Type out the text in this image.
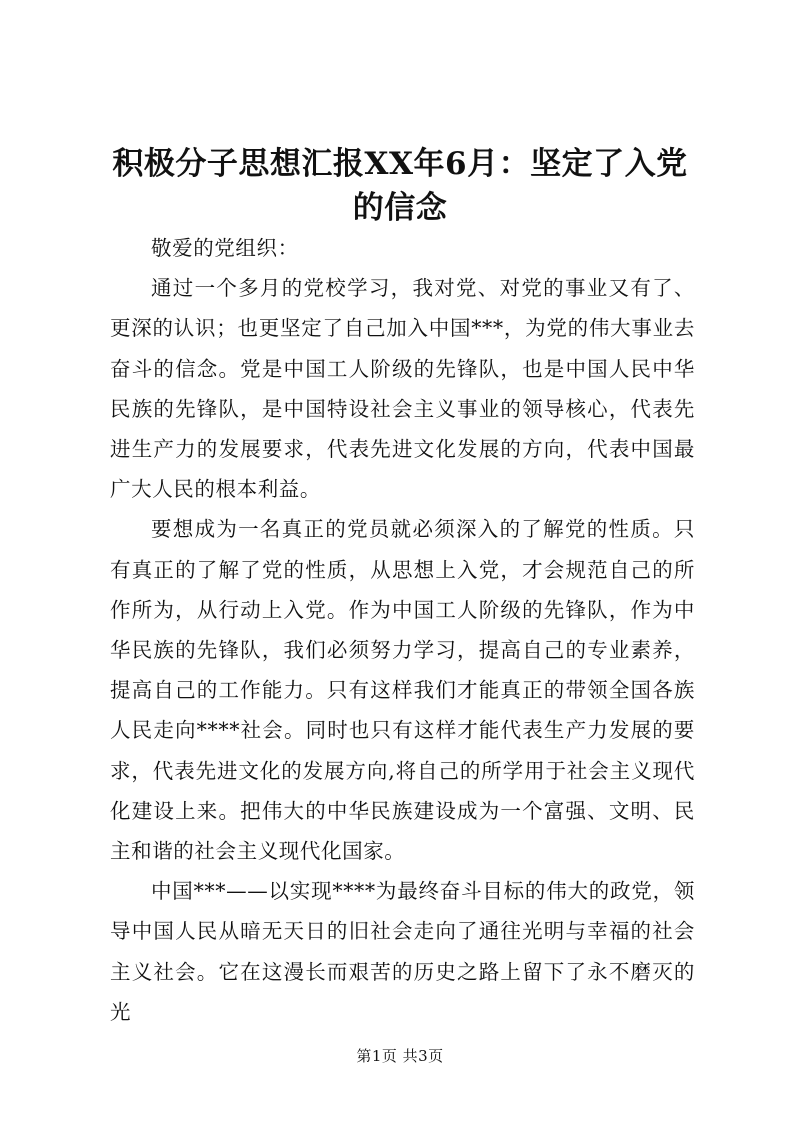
积极分子思想汇报XX年6月：坚定了入党的信念

敬爱的党组织：

通过一个多月的党校学习，我对党、对党的事业又有了、更深的认识；也更坚定了自己加入中国***，为党的伟大事业去奋斗的信念。党是中国工人阶级的先锋队，也是中国人民中华民族的先锋队，是中国特设社会主义事业的领导核心，代表先进生产力的发展要求，代表先进文化发展的方向，代表中国最广大人民的根本利益。

要想成为一名真正的党员就必须深入的了解党的性质。只有真正的了解了党的性质，从思想上入党，才会规范自己的所作所为，从行动上入党。作为中国工人阶级的先锋队，作为中华民族的先锋队，我们必须努力学习，提高自己的专业素养，提高自己的工作能力。只有这样我们才能真正的带领全国各族人民走向****社会。同时也只有这样才能代表生产力发展的要求，代表先进文化的发展方向,将自己的所学用于社会主义现代化建设上来。把伟大的中华民族建设成为一个富强、文明、民主和谐的社会主义现代化国家。

中国***——以实现****为最终奋斗目标的伟大的政党，领导中国人民从暗无天日的旧社会走向了通往光明与幸福的社会主义社会。它在这漫长而艰苦的历史之路上留下了永不磨灭的光

第1页 共3页
